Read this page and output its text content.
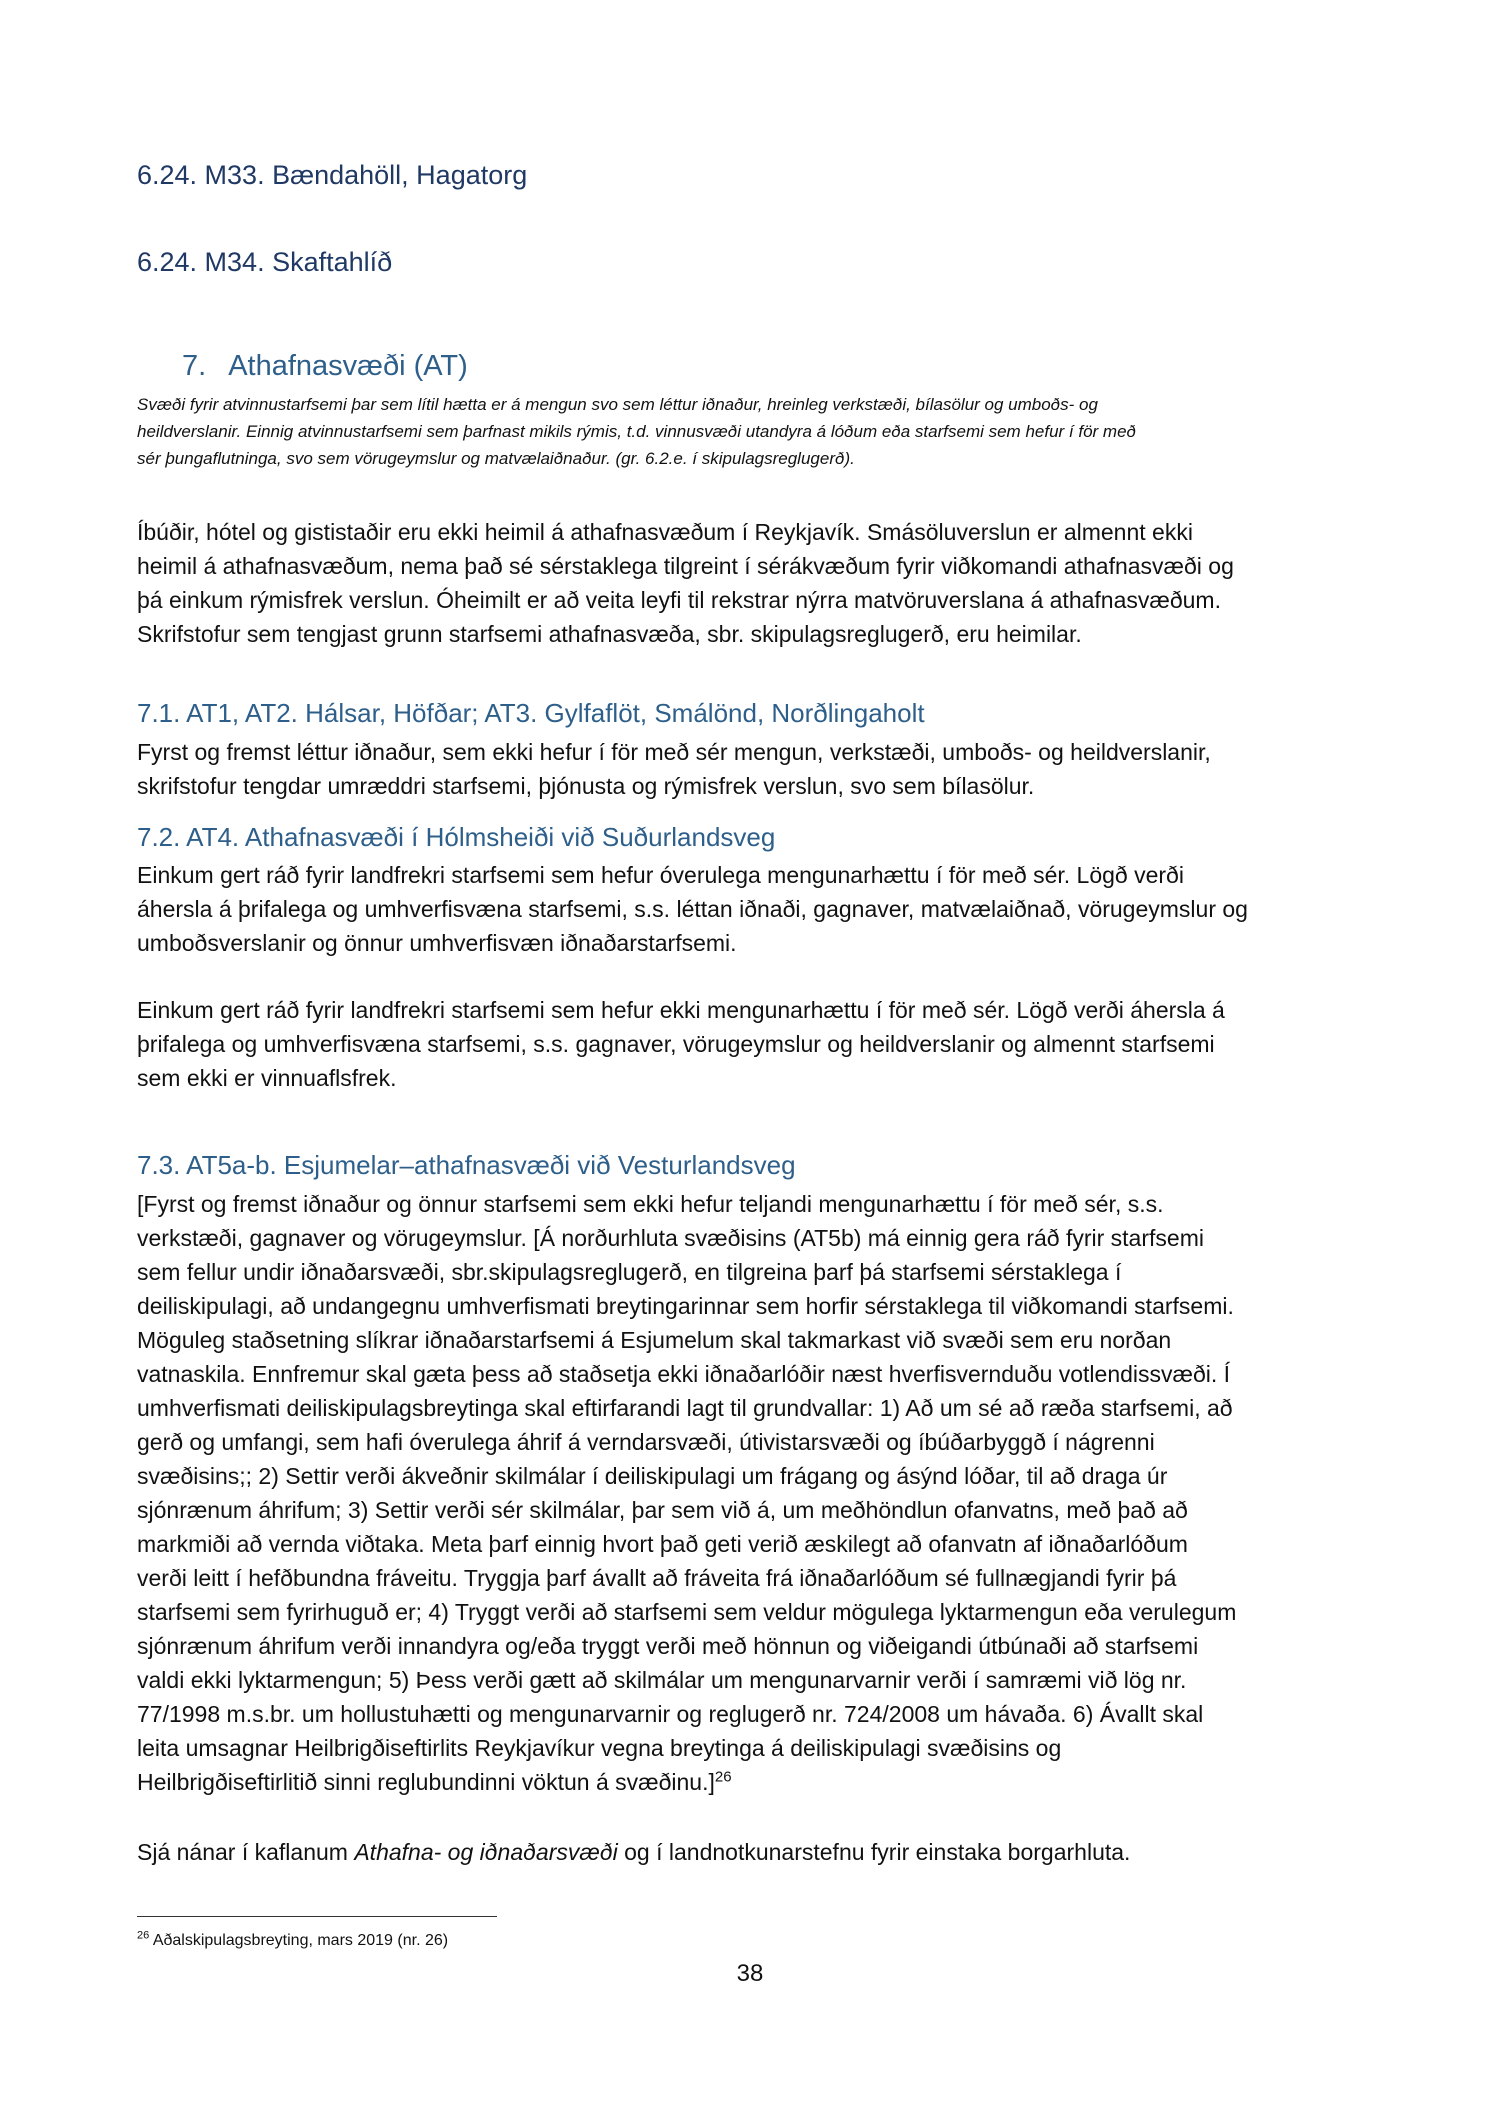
6.24. M33. Bændahöll, Hagatorg
6.24. M34. Skaftahlíð
7. Athafnasvæði (AT)
Svæði fyrir atvinnustarfsemi þar sem lítil hætta er á mengun svo sem léttur iðnaður, hreinleg verkstæði, bílasölur og umboðs- og
heildverslanir. Einnig atvinnustarfsemi sem þarfnast mikils rýmis, t.d. vinnusvæði utandyra á lóðum eða starfsemi sem hefur í för með
sér þungaflutninga, svo sem vörugeymslur og matvælaiðnaður. (gr. 6.2.e. í skipulagsreglugerð).
Íbúðir, hótel og gististaðir eru ekki heimil á athafnasvæðum í Reykjavík. Smásöluverslun er almennt ekki
heimil á athafnasvæðum, nema það sé sérstaklega tilgreint í sérákvæðum fyrir viðkomandi athafnasvæði og
þá einkum rýmisfrek verslun. Óheimilt er að veita leyfi til rekstrar nýrra matvöruverslana á athafnasvæðum.
Skrifstofur sem tengjast grunn starfsemi athafnasvæða, sbr. skipulagsreglugerð, eru heimilar.
7.1. AT1, AT2. Hálsar, Höfðar; AT3. Gylfaflöt, Smálönd, Norðlingaholt
Fyrst og fremst léttur iðnaður, sem ekki hefur í för með sér mengun, verkstæði, umboðs- og heildverslanir,
skrifstofur tengdar umræddri starfsemi, þjónusta og rýmisfrek verslun, svo sem bílasölur.
7.2. AT4. Athafnasvæði í Hólmsheiði við Suðurlandsveg
Einkum gert ráð fyrir landfrekri starfsemi sem hefur óverulega mengunarhættu í för með sér. Lögð verði
áhersla á þrifalega og umhverfisvæna starfsemi, s.s. léttan iðnaði, gagnaver, matvælaiðnað, vörugeymslur og
umboðsverslanir og önnur umhverfisvæn iðnaðarstarfsemi.
Einkum gert ráð fyrir landfrekri starfsemi sem hefur ekki mengunarhættu í för með sér. Lögð verði áhersla á
þrifalega og umhverfisvæna starfsemi, s.s. gagnaver, vörugeymslur og heildverslanir og almennt starfsemi
sem ekki er vinnuaflsfrek.
7.3. AT5a-b. Esjumelar–athafnasvæði við Vesturlandsveg
[Fyrst og fremst iðnaður og önnur starfsemi sem ekki hefur teljandi mengunarhættu í för með sér, s.s.
verkstæði, gagnaver og vörugeymslur. [Á norðurhluta svæðisins (AT5b) má einnig gera ráð fyrir starfsemi
sem fellur undir iðnaðarsvæði, sbr.skipulagsreglugerð, en tilgreina þarf þá starfsemi sérstaklega í
deiliskipulagi, að undangegnu umhverfismati breytingarinnar sem horfir sérstaklega til viðkomandi starfsemi.
Möguleg staðsetning slíkrar iðnaðarstarfsemi á Esjumelum skal takmarkast við svæði sem eru norðan
vatnaskila. Ennfremur skal gæta þess að staðsetja ekki iðnaðarlóðir næst hverfisvernduðu votlendissvæði. Í
umhverfismati deiliskipulagsbreytinga skal eftirfarandi lagt til grundvallar: 1) Að um sé að ræða starfsemi, að
gerð og umfangi, sem hafi óverulega áhrif á verndarsvæði, útivistarsvæði og íbúðarbyggð í nágrenni
svæðisins;; 2) Settir verði ákveðnir skilmálar í deiliskipulagi um frágang og ásýnd lóðar, til að draga úr
sjónrænum áhrifum; 3) Settir verði sér skilmálar, þar sem við á, um meðhöndlun ofanvatns, með það að
markmiði að vernda viðtaka. Meta þarf einnig hvort það geti verið æskilegt að ofanvatn af iðnaðarlóðum
verði leitt í hefðbundna fráveitu. Tryggja þarf ávallt að fráveita frá iðnaðarlóðum sé fullnægjandi fyrir þá
starfsemi sem fyrirhuguð er; 4) Tryggt verði að starfsemi sem veldur mögulega lyktarmengun eða verulegum
sjónrænum áhrifum verði innandyra og/eða tryggt verði með hönnun og viðeigandi útbúnaði að starfsemi
valdi ekki lyktarmengun; 5) Þess verði gætt að skilmálar um mengunarvarnir verði í samræmi við lög nr.
77/1998 m.s.br. um hollustuhætti og mengunarvarnir og reglugerð nr. 724/2008 um hávaða. 6) Ávallt skal
leita umsagnar Heilbrigðiseftirlits Reykjavíkur vegna breytinga á deiliskipulagi svæðisins og
Heilbrigðiseftirlitið sinni reglubundinni vöktun á svæðinu.]$^{26}$
Sjá nánar í kaflanum Athafna- og iðnaðarsvæði og í landnotkunarstefnu fyrir einstaka borgarhluta.
$^{26}$ Aðalskipulagsbreyting, mars 2019 (nr. 26)
38
